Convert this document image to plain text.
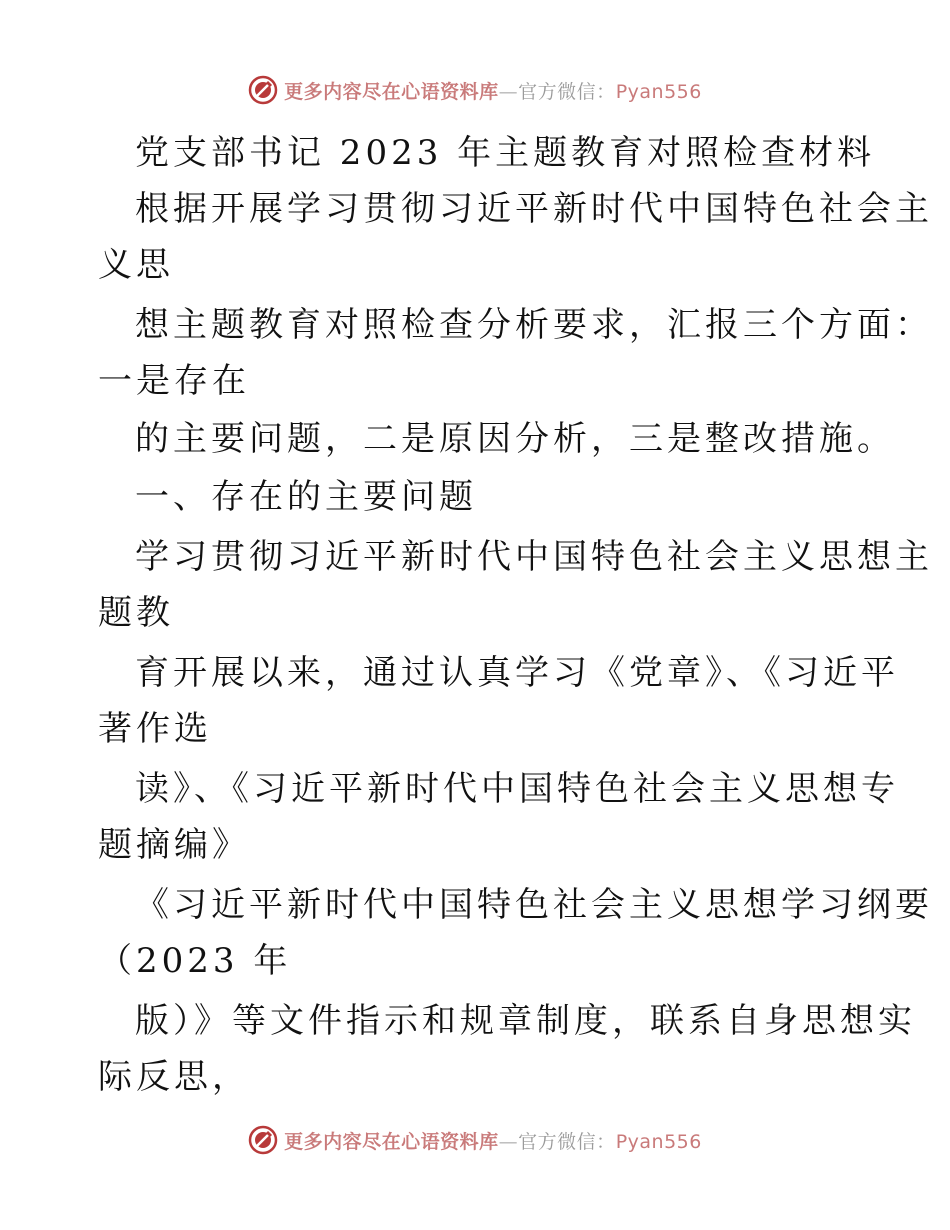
更多内容尽在心语资料库—官方微信：Pyan556
党支部书记 2023 年主题教育对照检查材料
根据开展学习贯彻习近平新时代中国特色社会主
义思
想主题教育对照检查分析要求，汇报三个方面：
一是存在
的主要问题，二是原因分析，三是整改措施。
一、存在的主要问题
学习贯彻习近平新时代中国特色社会主义思想主
题教
育开展以来，通过认真学习《党章》、《习近平
著作选
读》、《习近平新时代中国特色社会主义思想专
题摘编》
《习近平新时代中国特色社会主义思想学习纲要
（2023 年
版）》等文件指示和规章制度，联系自身思想实
际反思，
更多内容尽在心语资料库—官方微信：Pyan556
